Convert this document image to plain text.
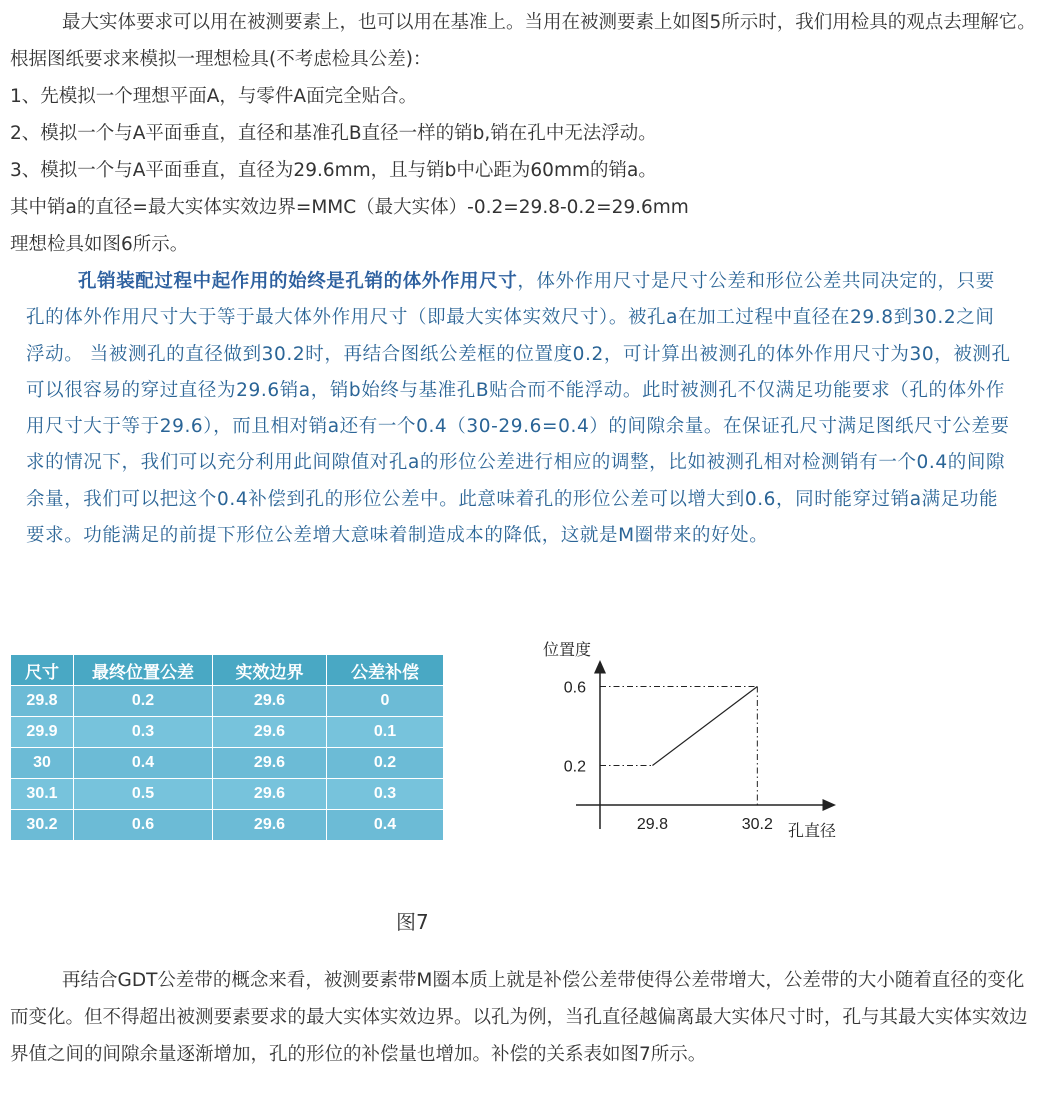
最大实体要求可以用在被测要素上，也可以用在基准上。当用在被测要素上如图5所示时，我们用检具的观点去理解它。根据图纸要求来模拟一理想检具(不考虑检具公差)：

1、先模拟一个理想平面A，与零件A面完全贴合。

2、模拟一个与A平面垂直，直径和基准孔B直径一样的销b,销在孔中无法浮动。

3、模拟一个与A平面垂直，直径为29.6mm，且与销b中心距为60mm的销a。

其中销a的直径=最大实体实效边界=MMC（最大实体）-0.2=29.8-0.2=29.6mm

理想检具如图6所示。

孔销装配过程中起作用的始终是孔销的体外作用尺寸，体外作用尺寸是尺寸公差和形位公差共同决定的，只要孔的体外作用尺寸大于等于最大体外作用尺寸（即最大实体实效尺寸）。被孔a在加工过程中直径在29.8到30.2之间浮动。 当被测孔的直径做到30.2时，再结合图纸公差框的位置度0.2，可计算出被测孔的体外作用尺寸为30，被测孔可以很容易的穿过直径为29.6销a，销b始终与基准孔B贴合而不能浮动。此时被测孔不仅满足功能要求（孔的体外作用尺寸大于等于29.6），而且相对销a还有一个0.4（30-29.6=0.4）的间隙余量。在保证孔尺寸满足图纸尺寸公差要求的情况下，我们可以充分利用此间隙值对孔a的形位公差进行相应的调整，比如被测孔相对检测销有一个0.4的间隙余量，我们可以把这个0.4补偿到孔的形位公差中。此意味着孔的形位公差可以增大到0.6，同时能穿过销a满足功能要求。功能满足的前提下形位公差增大意味着制造成本的降低，这就是M圈带来的好处。

尺寸	最终位置公差	实效边界	公差补偿
29.8	0.2	29.6	0
29.9	0.3	29.6	0.1
30	0.4	29.6	0.2
30.1	0.5	29.6	0.3
30.2	0.6	29.6	0.4
位置度
孔直径
0.6
0.2
29.8	30.2
图7

再结合GDT公差带的概念来看，被测要素带M圈本质上就是补偿公差带使得公差带增大，公差带的大小随着直径的变化而变化。但不得超出被测要素要求的最大实体实效边界。以孔为例，当孔直径越偏离最大实体尺寸时，孔与其最大实体实效边界值之间的间隙余量逐渐增加，孔的形位的补偿量也增加。补偿的关系表如图7所示。
